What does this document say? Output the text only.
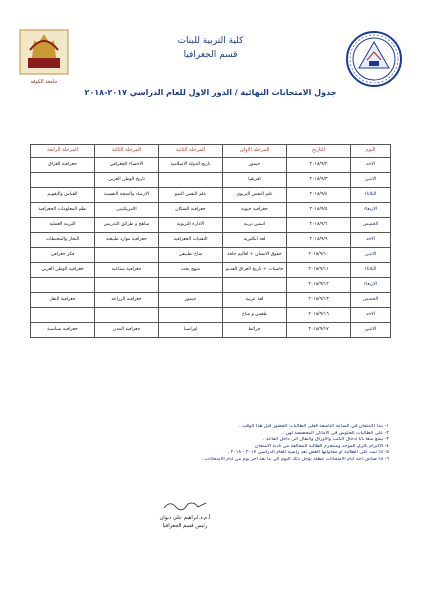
جامعة الكوفة
كلية التربية للبنات
قسم الجغرافيا
جدول الامتحانات النهائية / الدور الاول للعام الدراسي ٢٠١٧-٢٠١٨
اليوم	التاريخ	المرحلة الاولى	المرحلة الثانية	المرحلة الثالثة	المرحلة الرابعة
الاحد	٢٠١٨/٩/٢	جيمور	تاريخ الدولة الاسلامية	الاحصاء الجغرافي	جغرافية العراق
الاثنين	٢٠١٨/٩/٣	افريقيا		تاريخ الوطن العربي	
الثلاثاء	٢٠١٨/٩/٤	علم النفس التربوي	علم النفس النمو	الارشاد والصحة النفسية	القياس والتقويم
الاربعاء	٢٠١٨/٩/٥	جغرافية حيوية	جغرافية السكان	الامريكيتين	نظم المعلومات الجغرافية
الخميس	٢٠١٨/٩/٦	اسس تربية	الادارة التربوية	مناهج و طرائق التدريس	التربية العملية
الاحد	٢٠١٨/٩/٩	لغة انكليزية	التقنيات الجغرافية	جغرافية موارد طبيعية	البحار والمحيطات
الاثنين	٢٠١٨/٩/١٠	حقوق الانسان + اقاليم جافة	مناخ تطبيقي		فكر جغرافي
الثلاثاء	٢٠١٨/٩/١١	حاسبات + تاريخ العراق القديم	منهج بحث	جغرافية صناعية	جغرافية الوطن العربي
الاربعاء	٢٠١٨/٩/١٢				
الخميس	٢٠١٨/٩/١٣	لغة عربية	جيمور	جغرافية الزراعة	جغرافية النقل
الاحد	٢٠١٨/٩/١٦	طقس و مناخ			
الاثنين	٢٠١٨/٩/١٧	خرائط	اوراسيا	جغرافية المدن	جغرافية سياسية
١- يبدأ الامتحان في الساعة التاسعة فعلى الطالبات الحضور قبل هذا الوقت .
٢- على الطالبات الجلوس في الاماكن المخصصة لهن .
٣- يمنع منعاً باتاً ادخال الكتب والاوراق والنقال الى داخل القاعة .
٤- الالتزام بالزي الموحد وستحرم الطالبة المخالفة من تأدية الامتحان
٥- اذا ثبت على الطالبة او محاولتها للغش تعد راسبة للعام الدراسي ٢٠١٧ - ٢٠١٨ .
٦- اذا صادف احد ايام الامتحانات عطلة يؤجل ذلك اليوم الى ما بعد اخر يوم من ايام الامتحانات .
أ.م.د.ابراهيم علي ديوان
رئيس قسم الجغرافيا
